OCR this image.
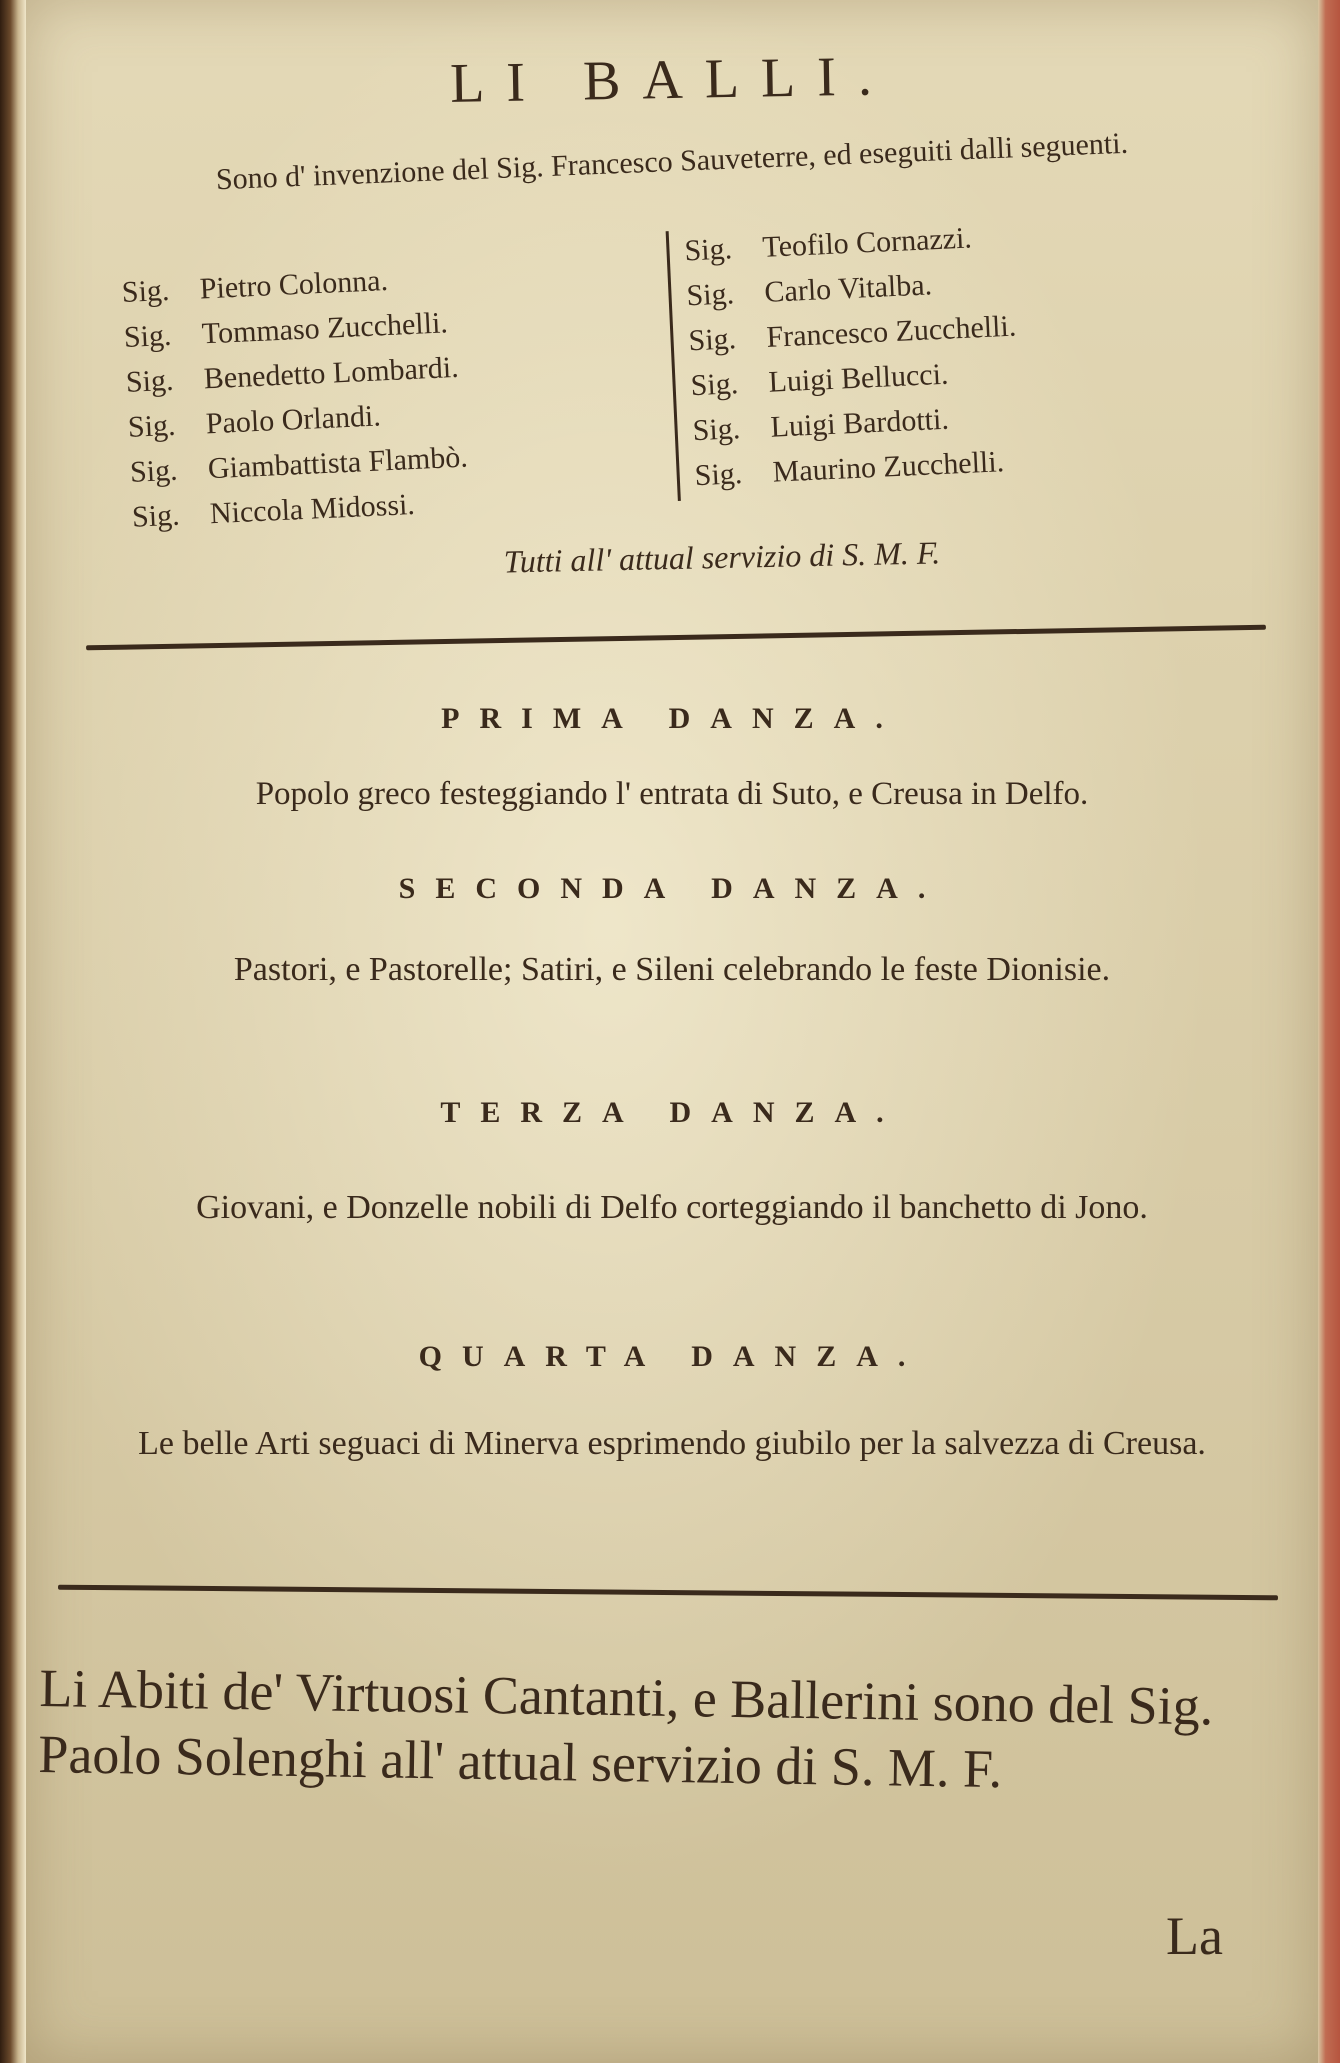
LI BALLI.
Sono d' invenzione del Sig. Francesco Sauveterre, ed eseguiti dalli seguenti.
Sig. Pietro Colonna.
Sig. Tommaso Zucchelli.
Sig. Benedetto Lombardi.
Sig. Paolo Orlandi.
Sig. Giambattista Flambò.
Sig. Niccola Midossi.
Sig. Teofilo Cornazzi.
Sig. Carlo Vitalba.
Sig. Francesco Zucchelli.
Sig. Luigi Bellucci.
Sig. Luigi Bardotti.
Sig. Maurino Zucchelli.
Tutti all' attual servizio di S. M. F.
PRIMA DANZA.
Popolo greco festeggiando l' entrata di Suto, e Creusa in Delfo.
SECONDA DANZA.
Pastori, e Pastorelle; Satiri, e Sileni celebrando le feste Dionisie.
TERZA DANZA.
Giovani, e Donzelle nobili di Delfo corteggiando il banchetto di Jono.
QUARTA DANZA.
Le belle Arti seguaci di Minerva esprimendo giubilo per la salvezza di Creusa.
Li Abiti de' Virtuosi Cantanti, e Ballerini sono del Sig. Paolo Solenghi all' attual servizio di S. M. F.
La
